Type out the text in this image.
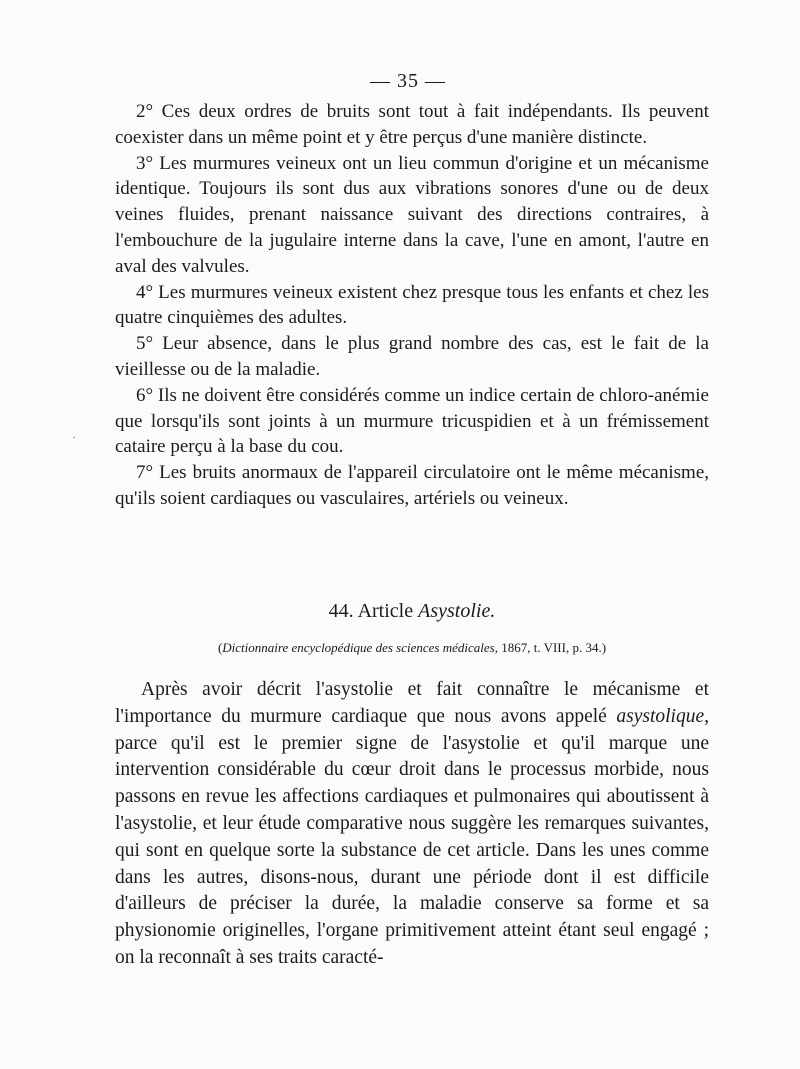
— 35 —
·

2° Ces deux ordres de bruits sont tout à fait indépendants. Ils peuvent coexister dans un même point et y être perçus d'une manière distincte.

3° Les murmures veineux ont un lieu commun d'origine et un mécanisme identique. Toujours ils sont dus aux vibrations sonores d'une ou de deux veines fluides, prenant naissance suivant des directions contraires, à l'embouchure de la jugulaire interne dans la cave, l'une en amont, l'autre en aval des valvules.

4° Les murmures veineux existent chez presque tous les enfants et chez les quatre cinquièmes des adultes.

5° Leur absence, dans le plus grand nombre des cas, est le fait de la vieillesse ou de la maladie.

6° Ils ne doivent être considérés comme un indice certain de chloro-anémie que lorsqu'ils sont joints à un murmure tricuspidien et à un frémissement cataire perçu à la base du cou.

7° Les bruits anormaux de l'appareil circulatoire ont le même mécanisme, qu'ils soient cardiaques ou vasculaires, artériels ou veineux.

44. Article Asystolie.
(Dictionnaire encyclopédique des sciences médicales, 1867, t. VIII, p. 34.)

Après avoir décrit l'asystolie et fait connaître le mécanisme et l'importance du murmure cardiaque que nous avons appelé asystolique, parce qu'il est le premier signe de l'asystolie et qu'il marque une intervention considérable du cœur droit dans le processus morbide, nous passons en revue les affections cardiaques et pulmonaires qui aboutissent à l'asystolie, et leur étude comparative nous suggère les remarques suivantes, qui sont en quelque sorte la substance de cet article. Dans les unes comme dans les autres, disons-nous, durant une période dont il est difficile d'ailleurs de préciser la durée, la maladie conserve sa forme et sa physionomie originelles, l'organe primitivement atteint étant seul engagé ; on la reconnaît à ses traits caracté-
